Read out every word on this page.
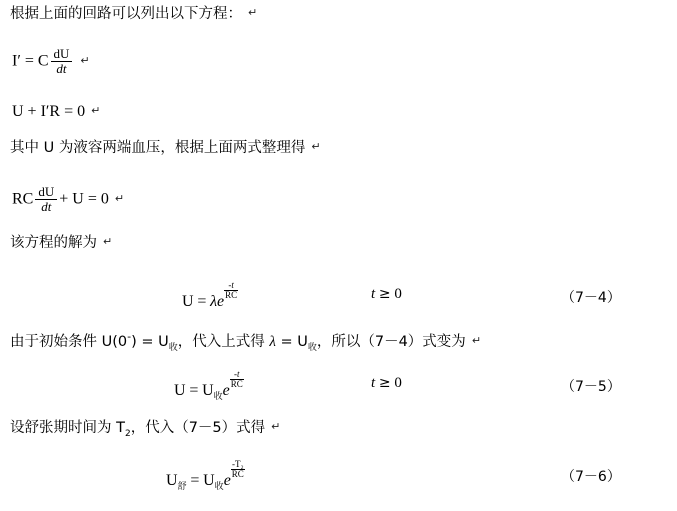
根据上面的回路可以列出以下方程： ↵
I′ = C $\frac{dU}{dt}$ ↵
U + I′R = 0 ↵
其中 U 为液容两端血压，根据上面两式整理得 ↵
RC $\frac{dU}{dt} + U = 0$ ↵
该方程的解为 ↵
U = λe
$^{\frac{-t}{RC}}$	t ≥ 0	（7－4）
由于初始条件 $U(0^-) = U_收$，代入上式得 $\lambda = U_收$，所以（7－4）式变为 ↵
$U = U_收e$
$^{\frac{-t}{RC}}$	t ≥ 0	（7－5）
设舒张期时间为 $T_2$，代入（7－5）式得 ↵
$U_舒 = U_收e$
$^{\frac{\text{-T₂}}{RC}}$	（7－6）
